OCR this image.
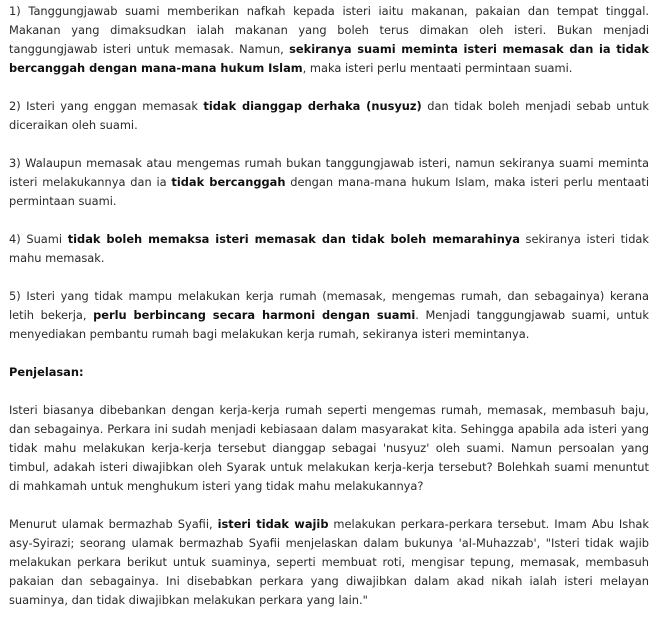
1) Tanggungjawab suami memberikan nafkah kepada isteri iaitu makanan, pakaian dan tempat tinggal. Makanan yang dimaksudkan ialah makanan yang boleh terus dimakan oleh isteri. Bukan menjadi tanggungjawab isteri untuk memasak. Namun, sekiranya suami meminta isteri memasak dan ia tidak bercanggah dengan mana-mana hukum Islam, maka isteri perlu mentaati permintaan suami.

2) Isteri yang enggan memasak tidak dianggap derhaka (nusyuz) dan tidak boleh menjadi sebab untuk diceraikan oleh suami.

3) Walaupun memasak atau mengemas rumah bukan tanggungjawab isteri, namun sekiranya suami meminta isteri melakukannya dan ia tidak bercanggah dengan mana-mana hukum Islam, maka isteri perlu mentaati permintaan suami.

4) Suami tidak boleh memaksa isteri memasak dan tidak boleh memarahinya sekiranya isteri tidak mahu memasak.

5) Isteri yang tidak mampu melakukan kerja rumah (memasak, mengemas rumah, dan sebagainya) kerana letih bekerja, perlu berbincang secara harmoni dengan suami. Menjadi tanggungjawab suami, untuk menyediakan pembantu rumah bagi melakukan kerja rumah, sekiranya isteri memintanya.

Penjelasan:

Isteri biasanya dibebankan dengan kerja-kerja rumah seperti mengemas rumah, memasak, membasuh baju, dan sebagainya. Perkara ini sudah menjadi kebiasaan dalam masyarakat kita. Sehingga apabila ada isteri yang tidak mahu melakukan kerja-kerja tersebut dianggap sebagai 'nusyuz' oleh suami. Namun persoalan yang timbul, adakah isteri diwajibkan oleh Syarak untuk melakukan kerja-kerja tersebut? Bolehkah suami menuntut di mahkamah untuk menghukum isteri yang tidak mahu melakukannya?

Menurut ulamak bermazhab Syafii, isteri tidak wajib melakukan perkara-perkara tersebut. Imam Abu Ishak asy-Syirazi; seorang ulamak bermazhab Syafii menjelaskan dalam bukunya 'al-Muhazzab', "Isteri tidak wajib melakukan perkara berikut untuk suaminya, seperti membuat roti, mengisar tepung, memasak, membasuh pakaian dan sebagainya. Ini disebabkan perkara yang diwajibkan dalam akad nikah ialah isteri melayan suaminya, dan tidak diwajibkan melakukan perkara yang lain."
